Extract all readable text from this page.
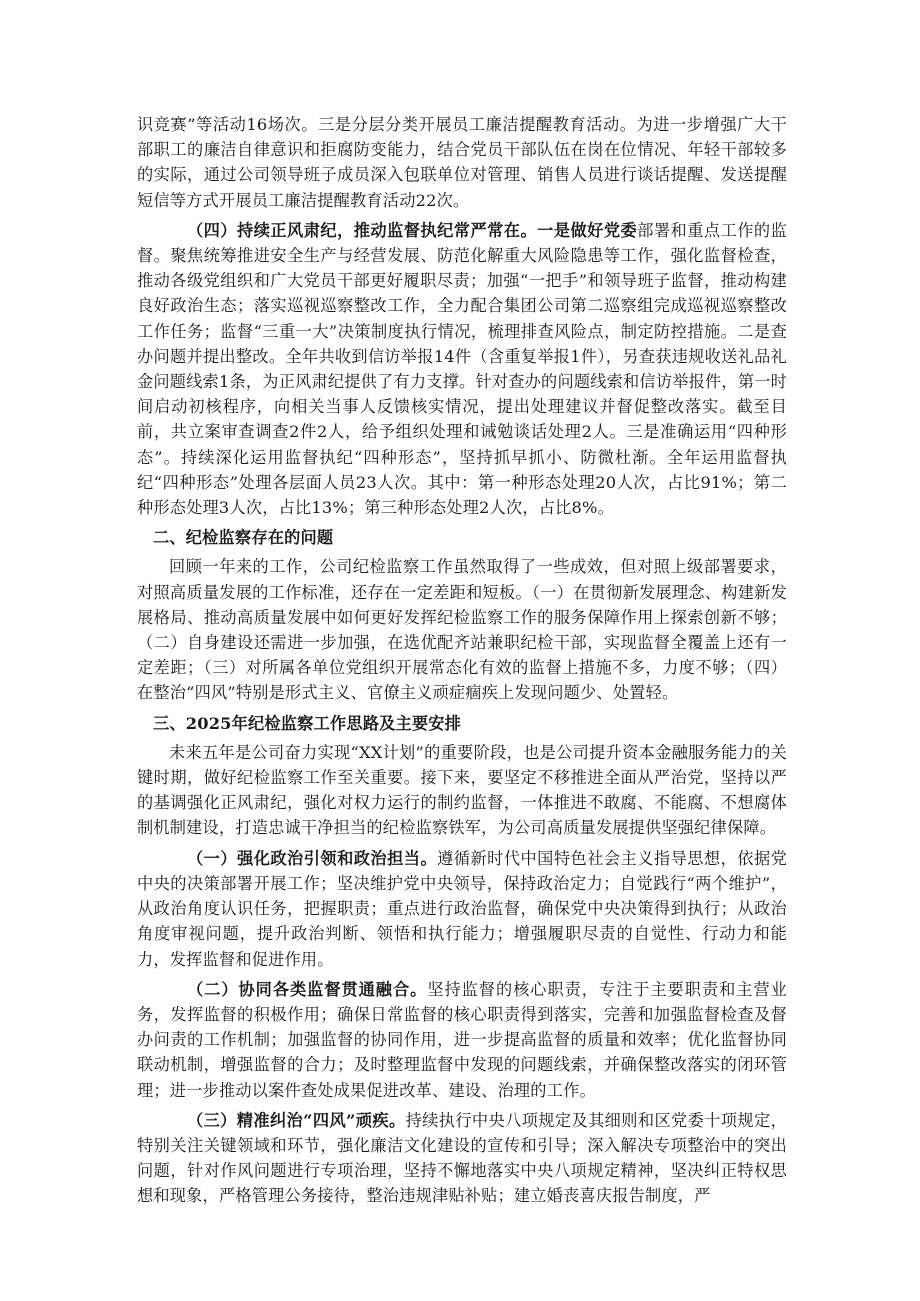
识竞赛”等活动16场次。三是分层分类开展员工廉洁提醒教育活动。为进一步增强广大干部职工的廉洁自律意识和拒腐防变能力，结合党员干部队伍在岗在位情况、年轻干部较多的实际，通过公司领导班子成员深入包联单位对管理、销售人员进行谈话提醒、发送提醒短信等方式开展员工廉洁提醒教育活动22次。

（四）持续正风肃纪，推动监督执纪常严常在。一是做好党委部署和重点工作的监督。聚焦统筹推进安全生产与经营发展、防范化解重大风险隐患等工作，强化监督检查，推动各级党组织和广大党员干部更好履职尽责；加强“一把手”和领导班子监督，推动构建良好政治生态；落实巡视巡察整改工作，全力配合集团公司第二巡察组完成巡视巡察整改工作任务；监督“三重一大”决策制度执行情况，梳理排查风险点，制定防控措施。二是查办问题并提出整改。全年共收到信访举报14件（含重复举报1件），另查获违规收送礼品礼金问题线索1条，为正风肃纪提供了有力支撑。针对查办的问题线索和信访举报件，第一时间启动初核程序，向相关当事人反馈核实情况，提出处理建议并督促整改落实。截至目前，共立案审查调查2件2人，给予组织处理和诫勉谈话处理2人。三是准确运用“四种形态”。持续深化运用监督执纪“四种形态”，坚持抓早抓小、防微杜渐。全年运用监督执纪“四种形态”处理各层面人员23人次。其中：第一种形态处理20人次，占比91%；第二种形态处理3人次，占比13%；第三种形态处理2人次，占比8%。

二、纪检监察存在的问题

回顾一年来的工作，公司纪检监察工作虽然取得了一些成效，但对照上级部署要求，对照高质量发展的工作标准，还存在一定差距和短板。（一）在贯彻新发展理念、构建新发展格局、推动高质量发展中如何更好发挥纪检监察工作的服务保障作用上探索创新不够；（二）自身建设还需进一步加强，在选优配齐站兼职纪检干部，实现监督全覆盖上还有一定差距；（三）对所属各单位党组织开展常态化有效的监督上措施不多，力度不够；（四）在整治“四风”特别是形式主义、官僚主义顽症痼疾上发现问题少、处置轻。

三、2025年纪检监察工作思路及主要安排

未来五年是公司奋力实现“XX计划”的重要阶段，也是公司提升资本金融服务能力的关键时期，做好纪检监察工作至关重要。接下来，要坚定不移推进全面从严治党，坚持以严的基调强化正风肃纪，强化对权力运行的制约监督，一体推进不敢腐、不能腐、不想腐体制机制建设，打造忠诚干净担当的纪检监察铁军，为公司高质量发展提供坚强纪律保障。

（一）强化政治引领和政治担当。遵循新时代中国特色社会主义指导思想，依据党中央的决策部署开展工作；坚决维护党中央领导，保持政治定力；自觉践行“两个维护”，从政治角度认识任务，把握职责；重点进行政治监督，确保党中央决策得到执行；从政治角度审视问题，提升政治判断、领悟和执行能力；增强履职尽责的自觉性、行动力和能力，发挥监督和促进作用。

（二）协同各类监督贯通融合。坚持监督的核心职责，专注于主要职责和主营业务，发挥监督的积极作用；确保日常监督的核心职责得到落实，完善和加强监督检查及督办问责的工作机制；加强监督的协同作用，进一步提高监督的质量和效率；优化监督协同联动机制，增强监督的合力；及时整理监督中发现的问题线索，并确保整改落实的闭环管理；进一步推动以案件查处成果促进改革、建设、治理的工作。

（三）精准纠治“四风”顽疾。持续执行中央八项规定及其细则和区党委十项规定，特别关注关键领域和环节，强化廉洁文化建设的宣传和引导；深入解决专项整治中的突出问题，针对作风问题进行专项治理，坚持不懈地落实中央八项规定精神，坚决纠正特权思想和现象，严格管理公务接待，整治违规津贴补贴；建立婚丧喜庆报告制度，严
